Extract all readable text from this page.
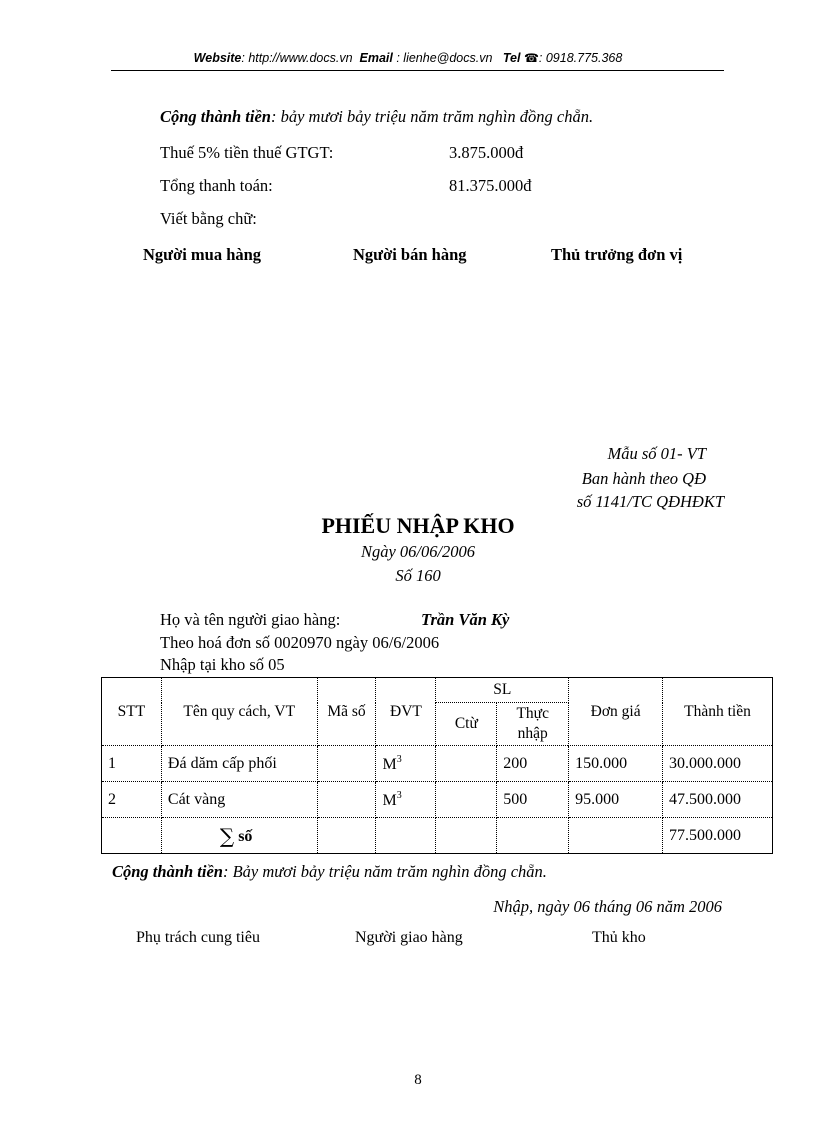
Website: http://www.docs.vn Email : lienhe@docs.vn Tel ☎: 0918.775.368
Cộng thành tiền: bảy mươi bảy triệu năm trăm nghìn đồng chẵn.
Thuế 5% tiền thuế GTGT:	3.875.000đ
Tổng thanh toán:	81.375.000đ
Viết bằng chữ:
Người mua hàng	Người bán hàng	Thủ trưởng đơn vị
Mẫu số 01- VT
Ban hành theo QĐ
số 1141/TC QĐHĐKT
PHIẾU NHẬP KHO
Ngày 06/06/2006
Số 160
Họ và tên người giao hàng:	Trần Văn Kỳ
Theo hoá đơn số 0020970 ngày 06/6/2006
Nhập tại kho số 05
STT	Tên quy cách, VT	Mã số	ĐVT	SL		Đơn giá	Thành tiền
				Ctừ	Thực nhập		
1	Đá dăm cấp phối		$M^3$		200	150.000	30.000.000
2	Cát vàng		$M^3$		500	95.000	47.500.000
	∑ số						77.500.000
Cộng thành tiền: Bảy mươi bảy triệu năm trăm nghìn đồng chẵn.
Nhập, ngày 06 tháng 06 năm 2006
Phụ trách cung tiêu	Người giao hàng	Thủ kho
8
